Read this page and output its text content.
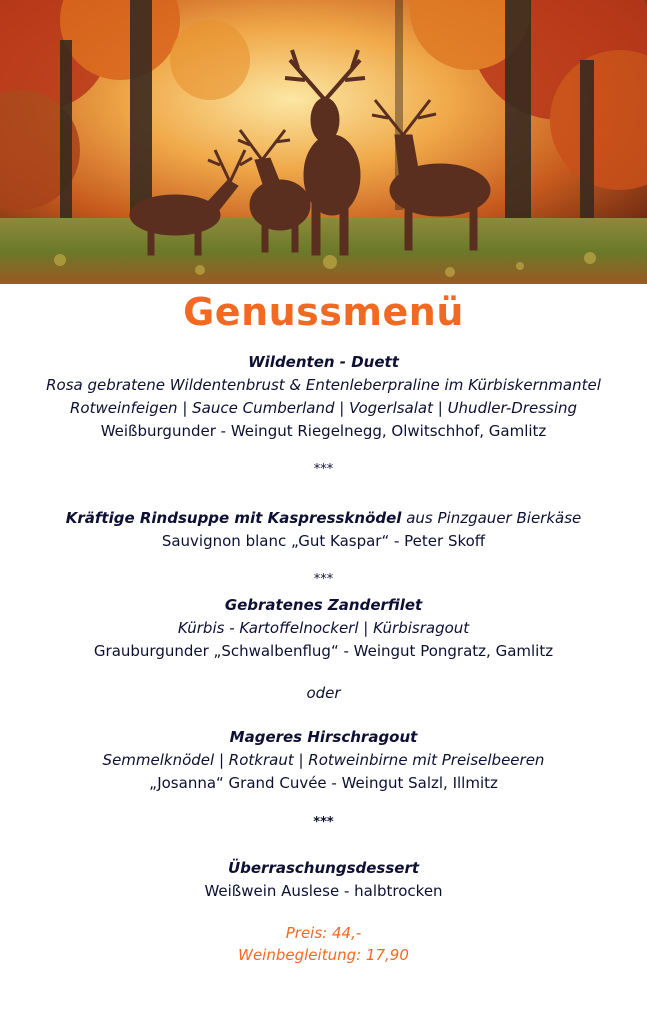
Genussmenü
Wildenten - Duett
Rosa gebratene Wildentenbrust & Entenleberpraline im Kürbiskernmantel
Rotweinfeigen | Sauce Cumberland | Vogerlsalat | Uhudler-Dressing
Weißburgunder - Weingut Riegelnegg, Olwitschhof, Gamlitz
***
Kräftige Rindsuppe mit Kaspressknödel aus Pinzgauer Bierkäse
Sauvignon blanc „Gut Kaspar“ - Peter Skoff
***
Gebratenes Zanderfilet
Kürbis - Kartoffelnockerl | Kürbisragout
Grauburgunder „Schwalbenflug“ - Weingut Pongratz, Gamlitz
oder
Mageres Hirschragout
Semmelknödel | Rotkraut | Rotweinbirne mit Preiselbeeren
„Josanna“ Grand Cuvée - Weingut Salzl, Illmitz
***
Überraschungsdessert
Weißwein Auslese - halbtrocken
Preis: 44,-
Weinbegleitung: 17,90
